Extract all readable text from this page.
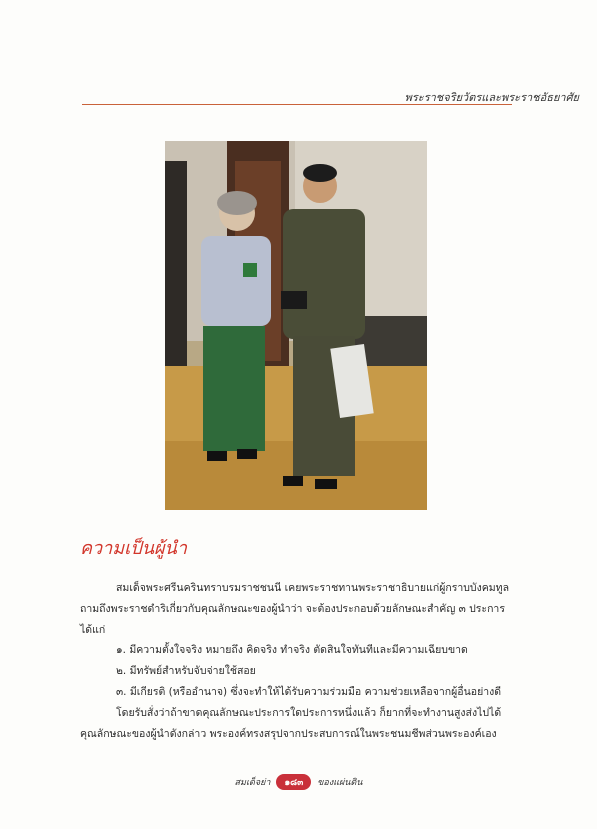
พระราชจริยวัตรและพระราชอัธยาศัย
ความเป็นผู้นำ
สมเด็จพระศรีนครินทราบรมราชชนนี เคยพระราชทานพระราชาธิบายแก่ผู้กราบบังคมทูลถามถึงพระราชดำริเกี่ยวกับคุณลักษณะของผู้นำว่า จะต้องประกอบด้วยลักษณะสำคัญ ๓ ประการ ได้แก่
๑. มีความตั้งใจจริง หมายถึง คิดจริง ทำจริง ตัดสินใจทันทีและมีความเฉียบขาด
๒. มีทรัพย์สำหรับจับจ่ายใช้สอย
๓. มีเกียรติ (หรืออำนาจ) ซึ่งจะทำให้ได้รับความร่วมมือ ความช่วยเหลือจากผู้อื่นอย่างดี
โดยรับสั่งว่าถ้าขาดคุณลักษณะประการใดประการหนึ่งแล้ว ก็ยากที่จะทำงานสูงส่งไปได้ คุณลักษณะของผู้นำดังกล่าว พระองค์ทรงสรุปจากประสบการณ์ในพระชนมชีพส่วนพระองค์เอง
สมเด็จย่า ๑๘๓ ของแผ่นดิน
